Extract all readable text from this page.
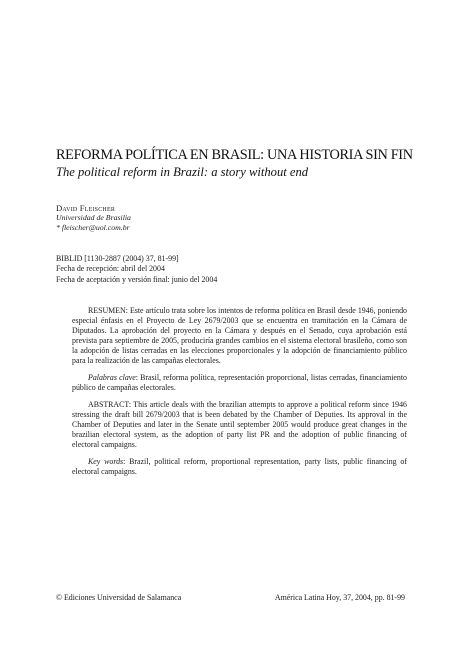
REFORMA POLÍTICA EN BRASIL: UNA HISTORIA SIN FIN
The political reform in Brazil: a story without end
David Fleischer
Universidad de Brasilia
* fleischer@uol.com.br
BIBLID [1130-2887 (2004) 37, 81-99]
Fecha de recepción: abril del 2004
Fecha de aceptación y versión final: junio del 2004

RESUMEN: Este artículo trata sobre los intentos de reforma política en Brasil desde 1946, poniendo especial énfasis en el Proyecto de Ley 2679/2003 que se encuentra en tramitación en la Cámara de Diputados. La aprobación del proyecto en la Cámara y después en el Senado, cuya aprobación está prevista para septiembre de 2005, produciría grandes cambios en el sistema electoral brasileño, como son la adopción de listas cerradas en las elecciones proporcionales y la adopción de financiamiento público para la realización de las campañas electorales.

Palabras clave: Brasil, reforma política, representación proporcional, listas cerradas, financiamiento público de campañas electorales.

ABSTRACT: This article deals with the brazilian attempts to approve a political reform since 1946 stressing the draft bill 2679/2003 that is been debated by the Chamber of Deputies. Its approval in the Chamber of Deputies and later in the Senate until september 2005 would produce great changes in the brazilian electoral system, as the adoption of party list PR and the adoption of public financing of electoral campaigns.

Key words: Brazil, political reform, proportional representation, party lists, public financing of electoral campaigns.

© Ediciones Universidad de Salamanca	América Latina Hoy, 37, 2004, pp. 81-99
